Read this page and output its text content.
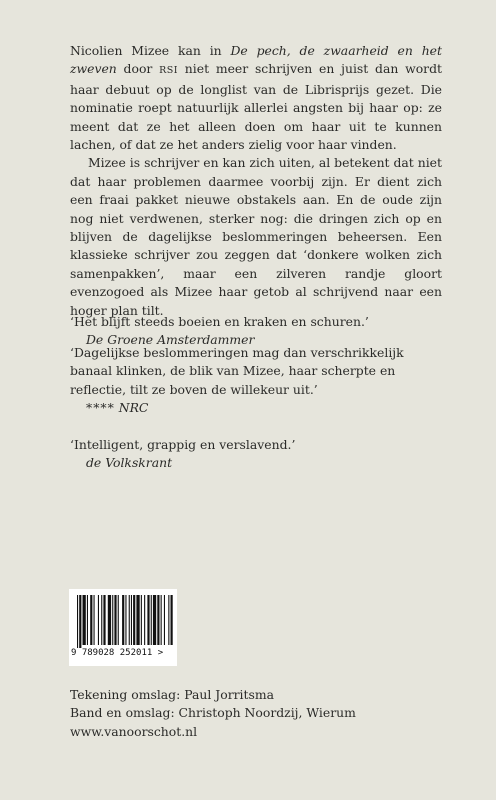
Nicolien Mizee kan in De pech, de zwaarheid en het zweven door RSI niet meer schrijven en juist dan wordt haar debuut op de longlist van de Librisprijs gezet. Die nominatie roept natuurlijk allerlei angsten bij haar op: ze meent dat ze het alleen doen om haar uit te kunnen lachen, of dat ze het anders zielig voor haar vinden.

Mizee is schrijver en kan zich uiten, al betekent dat niet dat haar problemen daarmee voorbij zijn. Er dient zich een fraai pakket nieuwe obstakels aan. En de oude zijn nog niet verdwenen, sterker nog: die dringen zich op en blijven de dagelijkse beslommeringen beheersen. Een klassieke schrijver zou zeggen dat ‘donkere wolken zich samenpakken’, maar een zilveren randje gloort evenzogoed als Mizee haar getob al schrijvend naar een hoger plan tilt.

‘Het blijft steeds boeien en kraken en schuren.’
De Groene Amsterdammer
‘Dagelijkse beslommeringen mag dan verschrikkelijk banaal klinken, de blik van Mizee, haar scherpte en reflectie, tilt ze boven de willekeur uit.’
**** NRC
‘Intelligent, grappig en verslavend.’
de Volkskrant
9 789028 252011 >
Tekening omslag: Paul Jorritsma
Band en omslag: Christoph Noordzij, Wierum
www.vanoorschot.nl
